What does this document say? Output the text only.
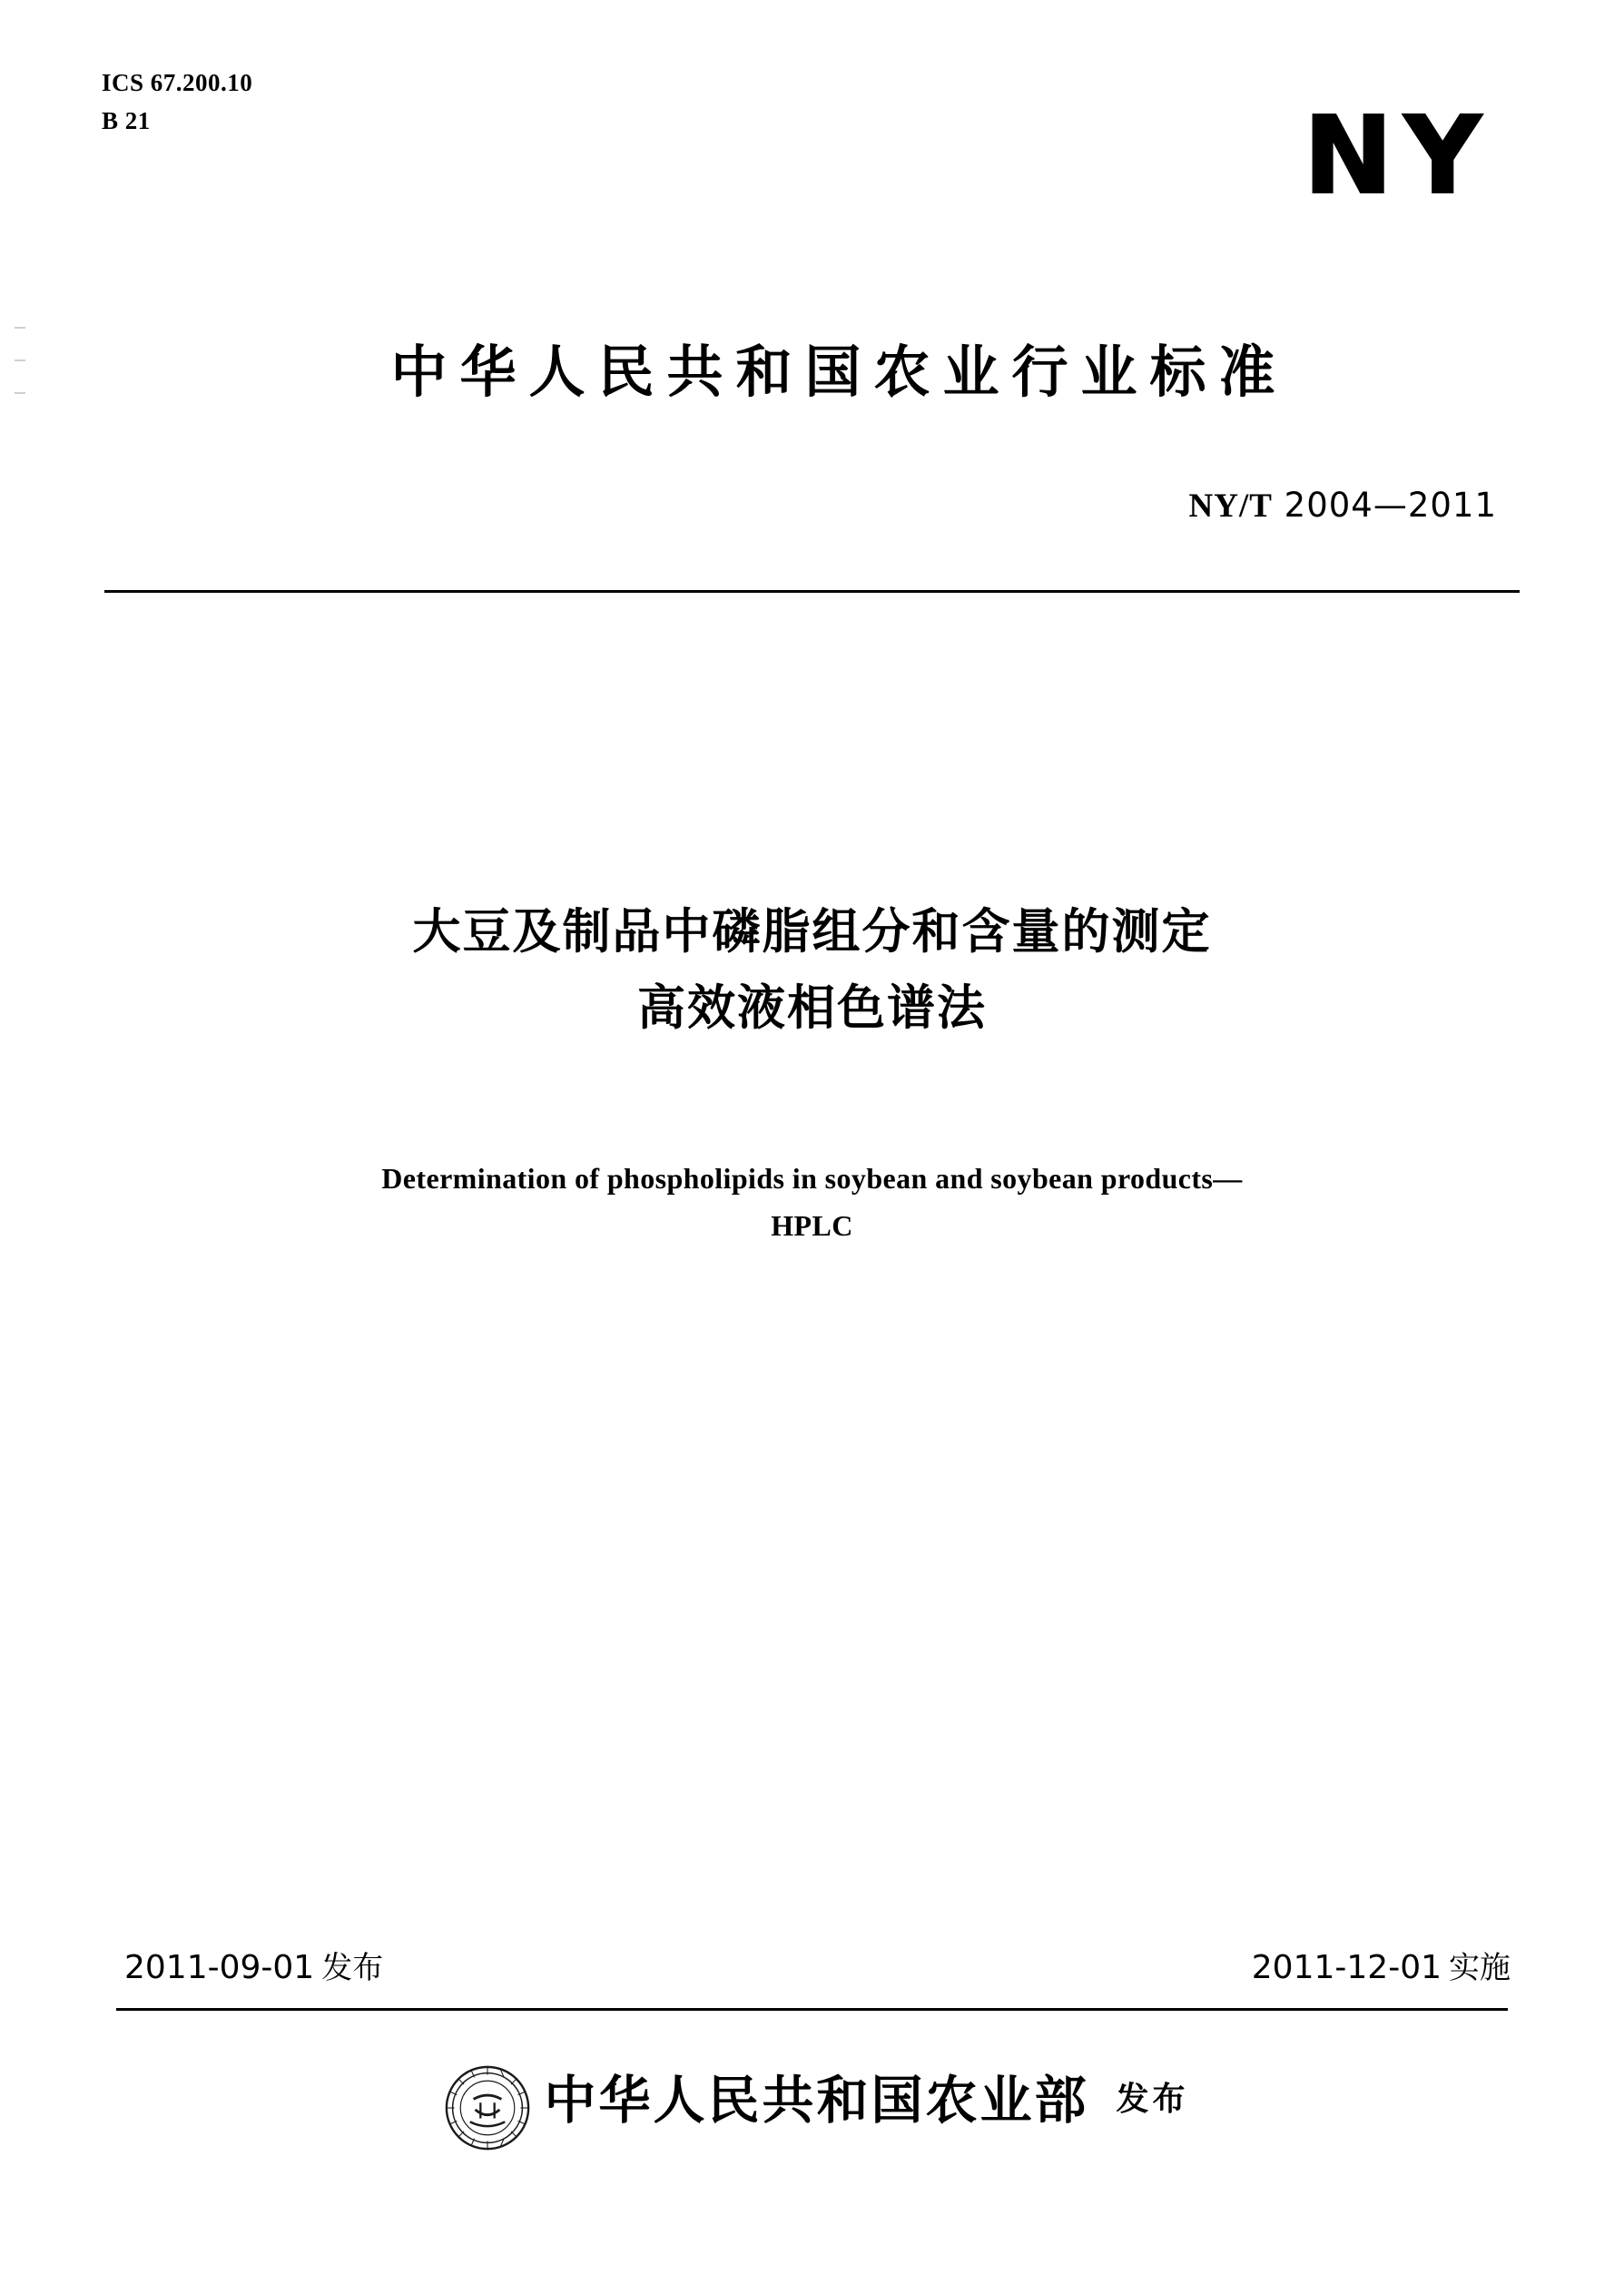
ICS 67.200.10
B 21	NY
中华人民共和国农业行业标准
NY/T 2004—2011
大豆及制品中磷脂组分和含量的测定
高效液相色谱法
Determination of phospholipids in soybean and soybean products—
HPLC
2011-09-01 发布	2011-12-01 实施
中华人民共和国农业部 发布
